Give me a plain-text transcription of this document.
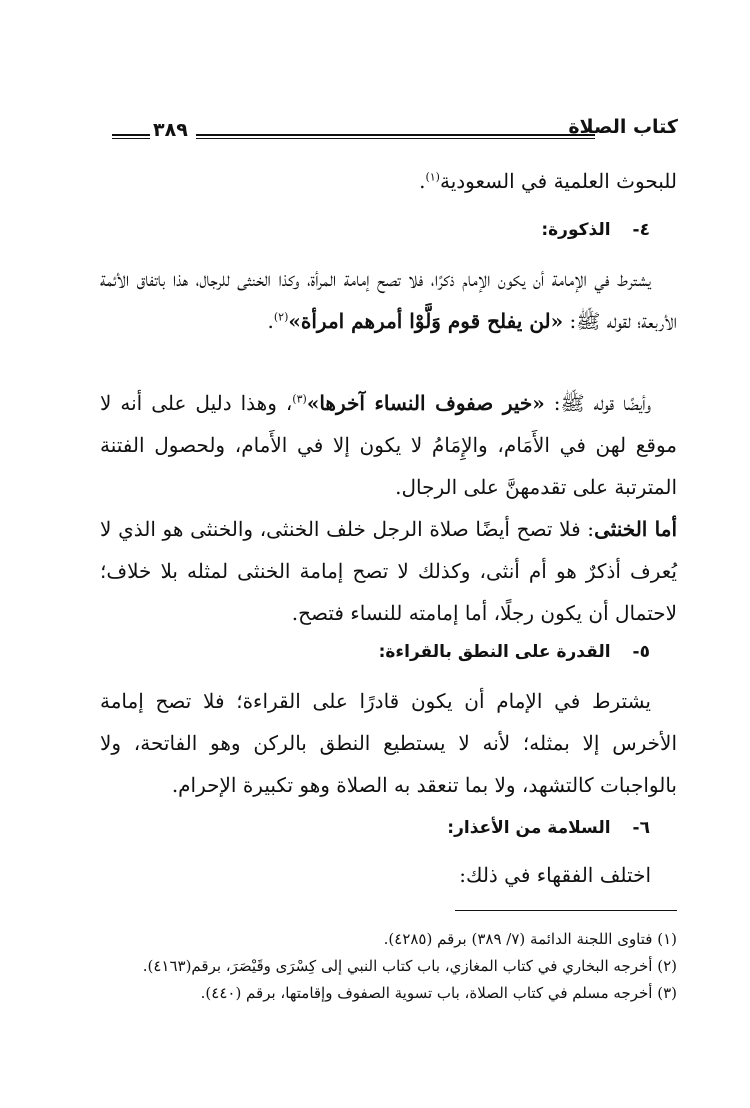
كتاب الصلاة
٣٨٩

للبحوث العلمية في السعودية$^{(١)}$.

٤-الذكورة:

يشترط في الإمامة أن يكون الإمام ذكرًا، فلا تصح إمامة المرأة، وكذا الخنثى للرجال، هذا باتفاق الأئمة الأربعة؛ لقوله ﷺ: «لن يفلح قوم وَلَّوْا أمرهم امرأة»$^{(٢)}$.

وأيضًا قوله ﷺ: «خير صفوف النساء آخرها»$^{(٣)}$، وهذا دليل على أنه لا موقع لهن في الأَمَام، والإِمَامُ لا يكون إلا في الأَمام، ولحصول الفتنة المترتبة على تقدمهنَّ على الرجال.

أما الخنثى: فلا تصح أيضًا صلاة الرجل خلف الخنثى، والخنثى هو الذي لا يُعرف أذكرٌ هو أم أنثى، وكذلك لا تصح إمامة الخنثى لمثله بلا خلاف؛ لاحتمال أن يكون رجلًا، أما إمامته للنساء فتصح.

٥-القدرة على النطق بالقراءة:

يشترط في الإمام أن يكون قادرًا على القراءة؛ فلا تصح إمامة الأخرس إلا بمثله؛ لأنه لا يستطيع النطق بالركن وهو الفاتحة، ولا بالواجبات كالتشهد، ولا بما تنعقد به الصلاة وهو تكبيرة الإحرام.

٦-السلامة من الأعذار:

اختلف الفقهاء في ذلك:

(١) فتاوى اللجنة الدائمة (٧/ ٣٨٩) برقم (٤٢٨٥).

(٢) أخرجه البخاري في كتاب المغازي، باب كتاب النبي إلى كِسْرَى وقَيْصَرَ، برقم(٤١٦٣).

(٣) أخرجه مسلم في كتاب الصلاة، باب تسوية الصفوف وإقامتها، برقم (٤٤٠).
